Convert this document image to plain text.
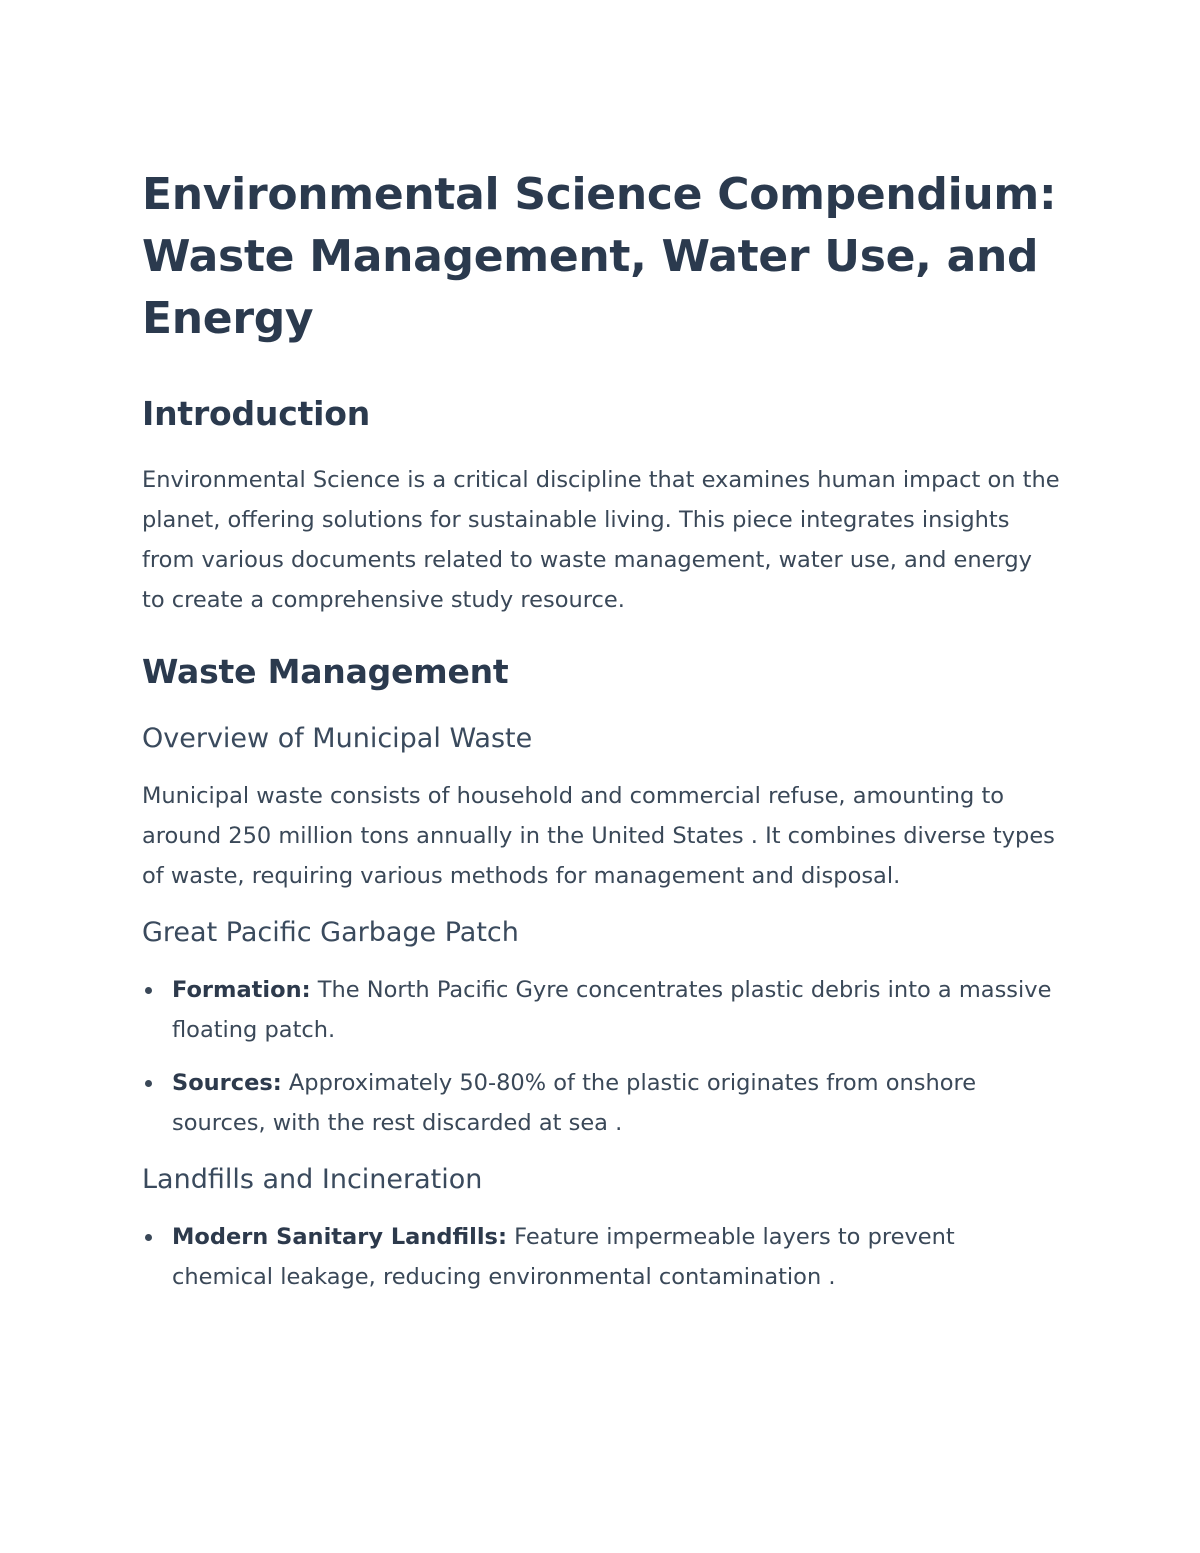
Environmental Science Compendium: Waste Management, Water Use, and Energy
Introduction

Environmental Science is a critical discipline that examines human impact on the planet, offering solutions for sustainable living. This piece integrates insights from various documents related to waste management, water use, and energy to create a comprehensive study resource.

Waste Management
Overview of Municipal Waste

Municipal waste consists of household and commercial refuse, amounting to around 250 million tons annually in the United States . It combines diverse types of waste, requiring various methods for management and disposal.

Great Pacific Garbage Patch
Formation: The North Pacific Gyre concentrates plastic debris into a massive floating patch.
Sources: Approximately 50-80% of the plastic originates from onshore sources, with the rest discarded at sea .
Landfills and Incineration
Modern Sanitary Landfills: Feature impermeable layers to prevent chemical leakage, reducing environmental contamination .
